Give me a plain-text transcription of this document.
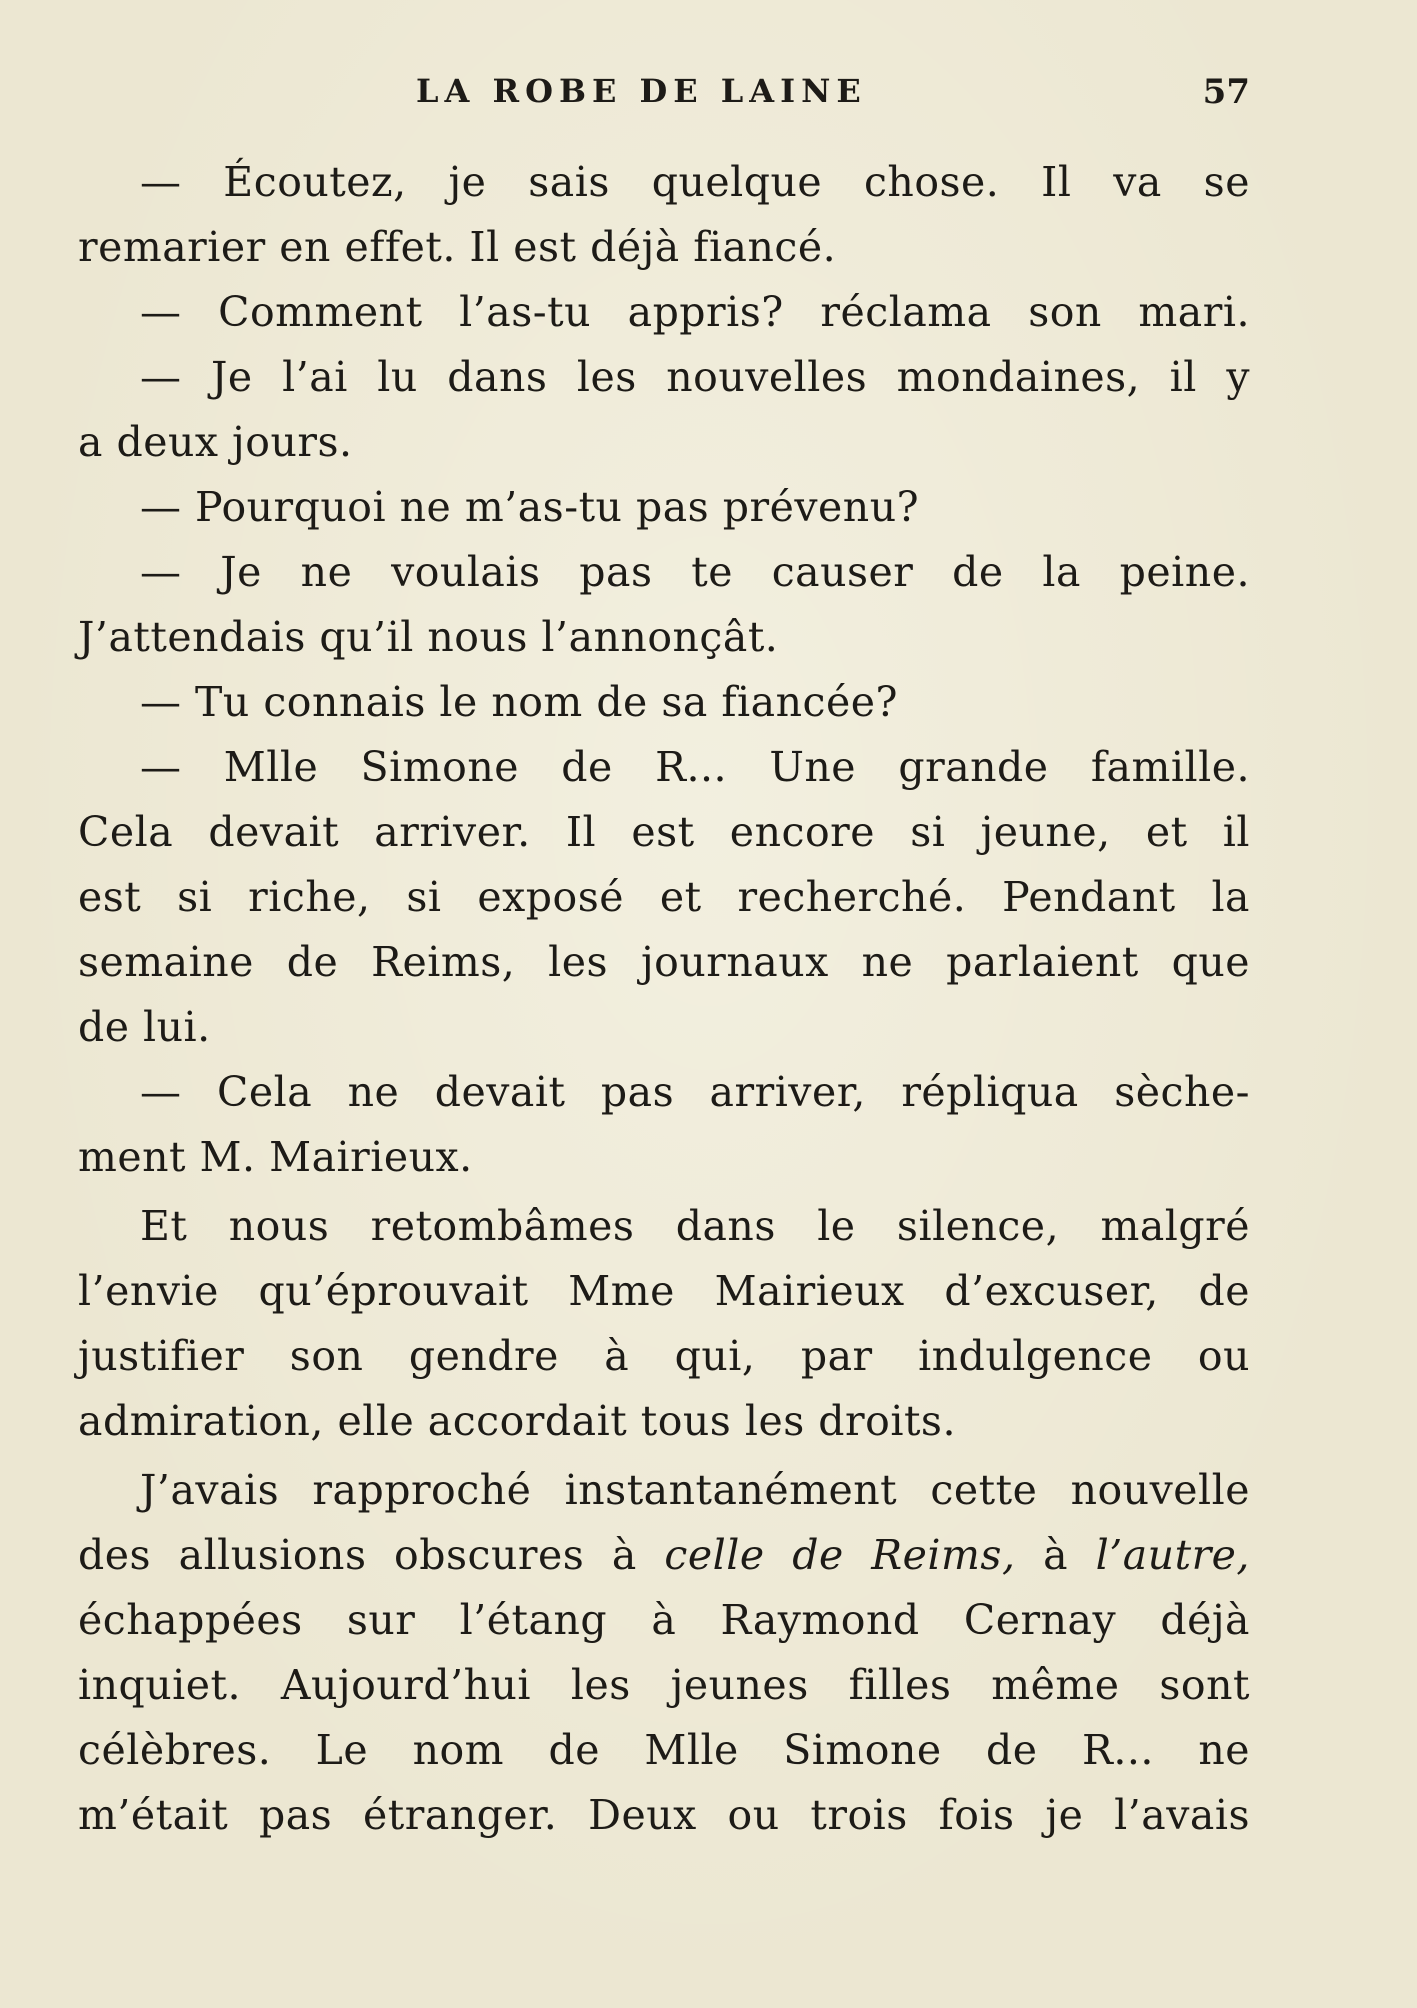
LA ROBE DE LAINE	57
— Écoutez, je sais quelque chose. Il va se
remarier en effet. Il est déjà fiancé.
— Comment l’as-tu appris? réclama son mari.
— Je l’ai lu dans les nouvelles mondaines, il y
a deux jours.
— Pourquoi ne m’as-tu pas prévenu?
— Je ne voulais pas te causer de la peine.
J’attendais qu’il nous l’annonçât.
— Tu connais le nom de sa fiancée?
— Mlle Simone de R... Une grande famille.
Cela devait arriver. Il est encore si jeune, et il
est si riche, si exposé et recherché. Pendant la
semaine de Reims, les journaux ne parlaient que
de lui.
— Cela ne devait pas arriver, répliqua sèche-
ment M. Mairieux.
Et nous retombâmes dans le silence, malgré
l’envie qu’éprouvait Mme Mairieux d’excuser, de
justifier son gendre à qui, par indulgence ou
admiration, elle accordait tous les droits.
J’avais rapproché instantanément cette nouvelle
des allusions obscures à celle de Reims, à l’autre,
échappées sur l’étang à Raymond Cernay déjà
inquiet. Aujourd’hui les jeunes filles même sont
célèbres. Le nom de Mlle Simone de R... ne
m’était pas étranger. Deux ou trois fois je l’avais
